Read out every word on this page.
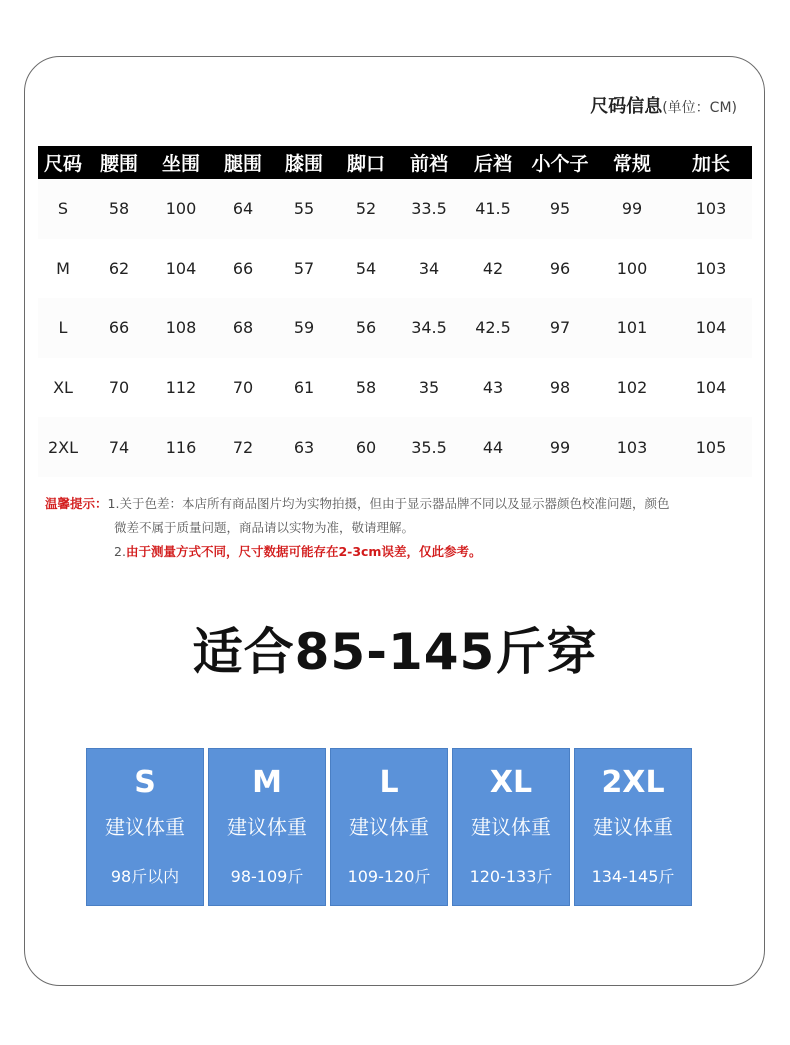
尺码信息(单位：CM)
尺码	腰围	坐围	腿围	膝围	脚口	前裆	后裆	小个子	常规	加长
S	58	100	64	55	52	33.5	41.5	95	99	103
M	62	104	66	57	54	34	42	96	100	103
L	66	108	68	59	56	34.5	42.5	97	101	104
XL	70	112	70	61	58	35	43	98	102	104
2XL	74	116	72	63	60	35.5	44	99	103	105
温馨提示： 1.关于色差：本店所有商品图片均为实物拍摄，但由于显示器品牌不同以及显示器颜色校准问题，颜色
微差不属于质量问题，商品请以实物为准，敬请理解。
2.由于测量方式不同，尺寸数据可能存在2-3cm误差，仅此参考。
适合85-145斤穿
S
建议体重
98斤以内
M
建议体重
98-109斤
L
建议体重
109-120斤
XL
建议体重
120-133斤
2XL
建议体重
134-145斤
